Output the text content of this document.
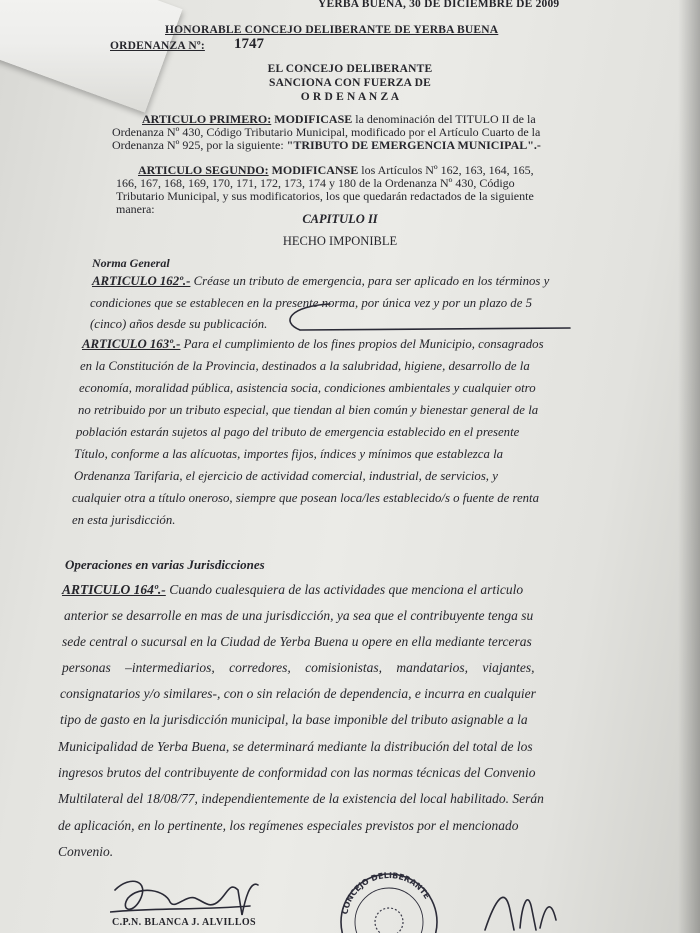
YERBA BUENA, 30 DE DICIEMBRE DE 2009
HONORABLE CONCEJO DELIBERANTE DE YERBA BUENA
ORDENANZA Nº: 1747
EL CONCEJO DELIBERANTE
SANCIONA CON FUERZA DE
O R D E N A N Z A
ARTICULO PRIMERO: MODIFICASE la denominación del TITULO II de la
Ordenanza Nº 430, Código Tributario Municipal, modificado por el Artículo Cuarto de la
Ordenanza Nº 925, por la siguiente: "TRIBUTO DE EMERGENCIA MUNICIPAL".-
ARTICULO SEGUNDO: MODIFICANSE los Artículos Nº 162, 163, 164, 165,
166, 167, 168, 169, 170, 171, 172, 173, 174 y 180 de la Ordenanza Nº 430, Código
Tributario Municipal, y sus modificatorios, los que quedarán redactados de la siguiente
manera:
CAPITULO II
HECHO IMPONIBLE
Norma General
ARTICULO 162º.- Créase un tributo de emergencia, para ser aplicado en los términos y
condiciones que se establecen en la presente norma, por única vez y por un plazo de 5
(cinco) años desde su publicación.
ARTICULO 163º.- Para el cumplimiento de los fines propios del Municipio, consagrados
en la Constitución de la Provincia, destinados a la salubridad, higiene, desarrollo de la
economía, moralidad pública, asistencia socia, condiciones ambientales y cualquier otro
no retribuido por un tributo especial, que tiendan al bien común y bienestar general de la
población estarán sujetos al pago del tributo de emergencia establecido en el presente
Título, conforme a las alícuotas, importes fijos, índices y mínimos que establezca la
Ordenanza Tarifaria, el ejercicio de actividad comercial, industrial, de servicios, y
cualquier otra a título oneroso, siempre que posean loca/les establecido/s o fuente de renta
en esta jurisdicción.
Operaciones en varias Jurisdicciones
ARTICULO 164º.- Cuando cualesquiera de las actividades que menciona el articulo
anterior se desarrolle en mas de una jurisdicción, ya sea que el contribuyente tenga su
sede central o sucursal en la Ciudad de Yerba Buena u opere en ella mediante terceras
personas –intermediarios, corredores, comisionistas, mandatarios, viajantes,
consignatarios y/o similares-, con o sin relación de dependencia, e incurra en cualquier
tipo de gasto en la jurisdicción municipal, la base imponible del tributo asignable a la
Municipalidad de Yerba Buena, se determinará mediante la distribución del total de los
ingresos brutos del contribuyente de conformidad con las normas técnicas del Convenio
Multilateral del 18/08/77, independientemente de la existencia del local habilitado. Serán
de aplicación, en lo pertinente, los regímenes especiales previstos por el mencionado
Convenio.
C.P.N. BLANCA J. ALVILLOS
CONCEJO DELIBERANTE
